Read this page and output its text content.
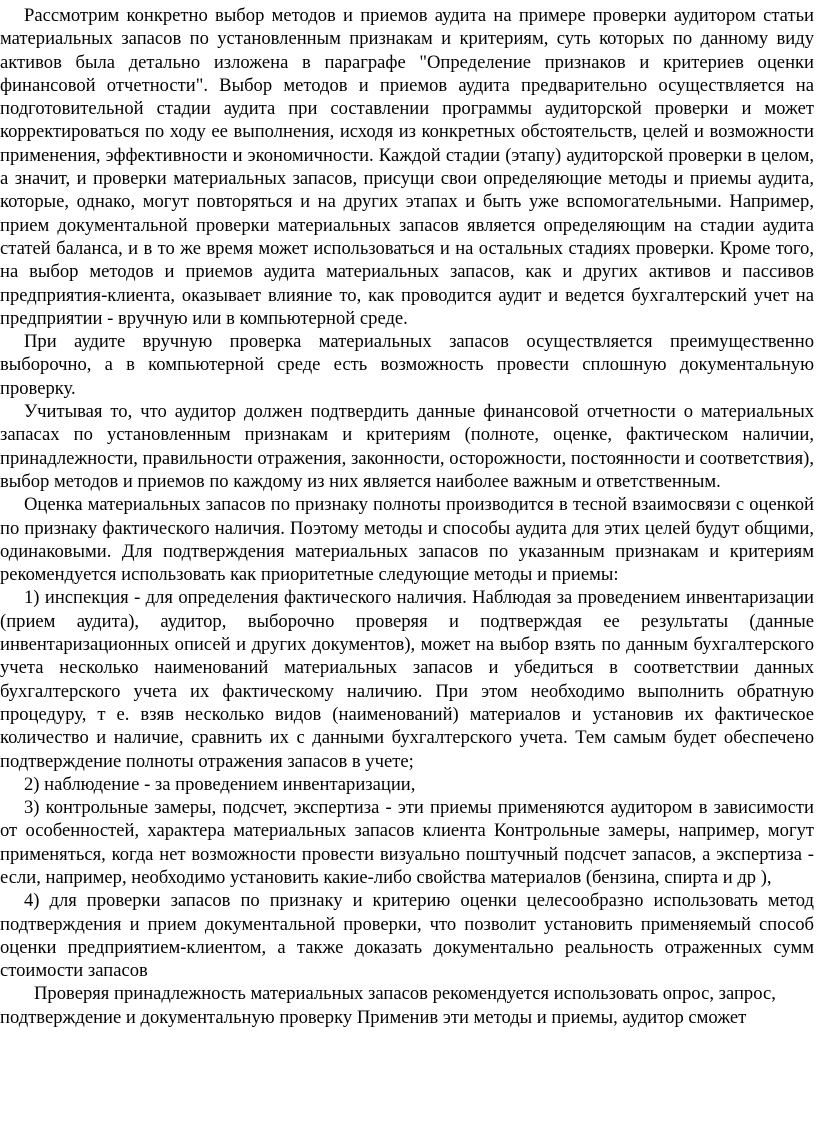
Рассмотрим конкретно выбор методов и приемов аудита на примере проверки аудитором статьи материальных запасов по установленным признакам и критериям, суть которых по данному виду активов была детально изложена в параграфе "Определение признаков и критериев оценки финансовой отчетности". Выбор методов и приемов аудита предварительно осуществляется на подготовительной стадии аудита при составлении программы аудиторской проверки и может корректироваться по ходу ее выполнения, исходя из конкретных обстоятельств, целей и возможности применения, эффективности и экономичности. Каждой стадии (этапу) аудиторской проверки в целом, а значит, и проверки материальных запасов, присущи свои определяющие методы и приемы аудита, которые, однако, могут повторяться и на других этапах и быть уже вспомогательными. Например, прием документальной проверки материальных запасов является определяющим на стадии аудита статей баланса, и в то же время может использоваться и на остальных стадиях проверки. Кроме того, на выбор методов и приемов аудита материальных запасов, как и других активов и пассивов предприятия-клиента, оказывает влияние то, как проводится аудит и ведется бухгалтерский учет на предприятии - вручную или в компьютерной среде.

При аудите вручную проверка материальных запасов осуществляется преимущественно выборочно, а в компьютерной среде есть возможность провести сплошную документальную проверку.

Учитывая то, что аудитор должен подтвердить данные финансовой отчетности о материальных запасах по установленным признакам и критериям (полноте, оценке, фактическом наличии, принадлежности, правильности отражения, законности, осторожности, постоянности и соответствия), выбор методов и приемов по каждому из них является наиболее важным и ответственным.

Оценка материальных запасов по признаку полноты производится в тесной взаимосвязи с оценкой по признаку фактического наличия. Поэтому методы и способы аудита для этих целей будут общими, одинаковыми. Для подтверждения материальных запасов по указанным признакам и критериям рекомендуется использовать как приоритетные следующие методы и приемы:

1) инспекция - для определения фактического наличия. Наблюдая за проведением инвентаризации (прием аудита), аудитор, выборочно проверяя и подтверждая ее результаты (данные инвентаризационных описей и других документов), может на выбор взять по данным бухгалтерского учета несколько наименований материальных запасов и убедиться в соответствии данных бухгалтерского учета их фактическому наличию. При этом необходимо выполнить обратную процедуру, т е. взяв несколько видов (наименований) материалов и установив их фактическое количество и наличие, сравнить их с данными бухгалтерского учета. Тем самым будет обеспечено подтверждение полноты отражения запасов в учете;

2) наблюдение - за проведением инвентаризации,

3) контрольные замеры, подсчет, экспертиза - эти приемы применяются аудитором в зависимости от особенностей, характера материальных запасов клиента Контрольные замеры, например, могут применяться, когда нет возможности провести визуально поштучный подсчет запасов, а экспертиза - если, например, необходимо установить какие-либо свойства материалов (бензина, спирта и др ),

4) для проверки запасов по признаку и критерию оценки целесообразно использовать метод подтверждения и прием документальной проверки, что позволит установить применяемый способ оценки предприятием-клиентом, а также доказать документально реальность отраженных сумм стоимости запасов

Проверяя принадлежность материальных запасов рекомендуется использовать опрос, запрос, подтверждение и документальную проверку Применив эти методы и приемы, аудитор сможет
